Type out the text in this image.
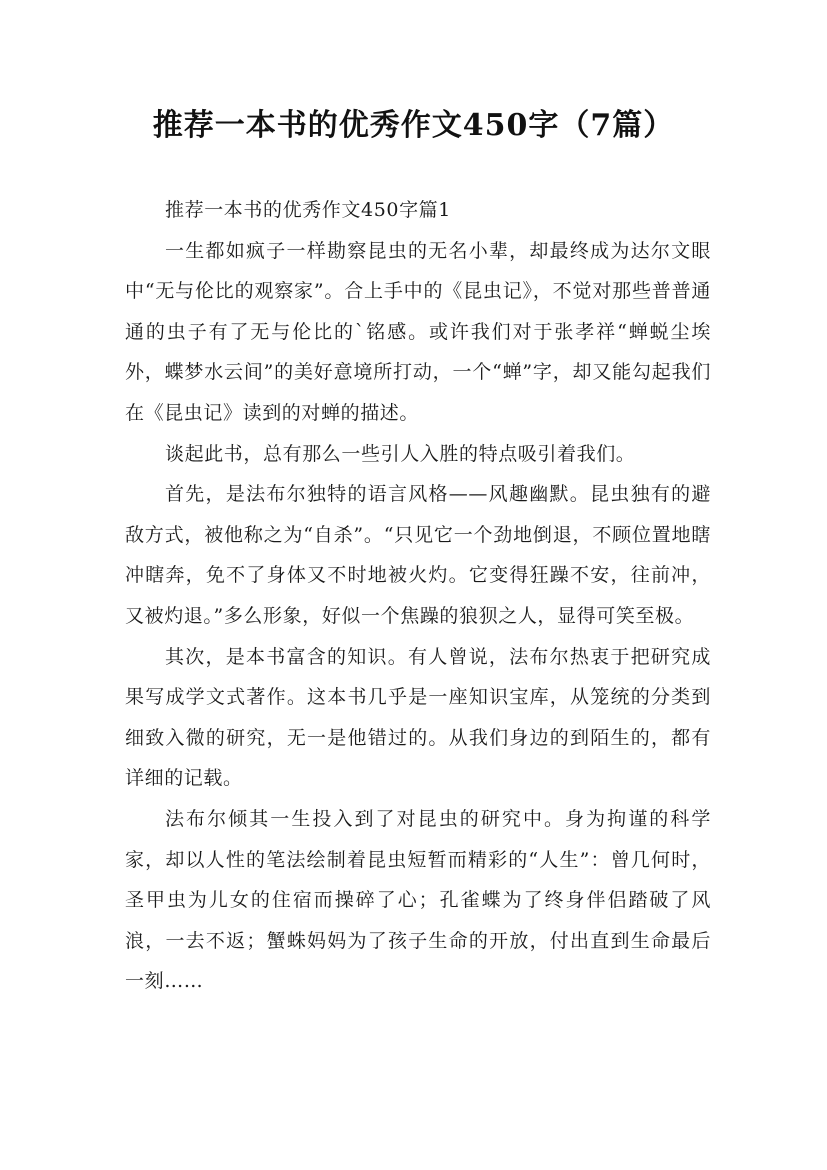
推荐一本书的优秀作文450字（7篇）

推荐一本书的优秀作文450字篇1

一生都如疯子一样勘察昆虫的无名小辈，却最终成为达尔文眼中“无与伦比的观察家”。合上手中的《昆虫记》，不觉对那些普普通通的虫子有了无与伦比的`铭感。或许我们对于张孝祥“蝉蜕尘埃外，蝶梦水云间”的美好意境所打动，一个“蝉”字，却又能勾起我们在《昆虫记》读到的对蝉的描述。

谈起此书，总有那么一些引人入胜的特点吸引着我们。

首先，是法布尔独特的语言风格——风趣幽默。昆虫独有的避敌方式，被他称之为“自杀”。“只见它一个劲地倒退，不顾位置地瞎冲瞎奔，免不了身体又不时地被火灼。它变得狂躁不安，往前冲，又被灼退。”多么形象，好似一个焦躁的狼狈之人，显得可笑至极。

其次，是本书富含的知识。有人曾说，法布尔热衷于把研究成果写成学文式著作。这本书几乎是一座知识宝库，从笼统的分类到细致入微的研究，无一是他错过的。从我们身边的到陌生的，都有详细的记载。

法布尔倾其一生投入到了对昆虫的研究中。身为拘谨的科学家，却以人性的笔法绘制着昆虫短暂而精彩的“人生”：曾几何时，圣甲虫为儿女的住宿而操碎了心；孔雀蝶为了终身伴侣踏破了风浪，一去不返；蟹蛛妈妈为了孩子生命的开放，付出直到生命最后一刻……
